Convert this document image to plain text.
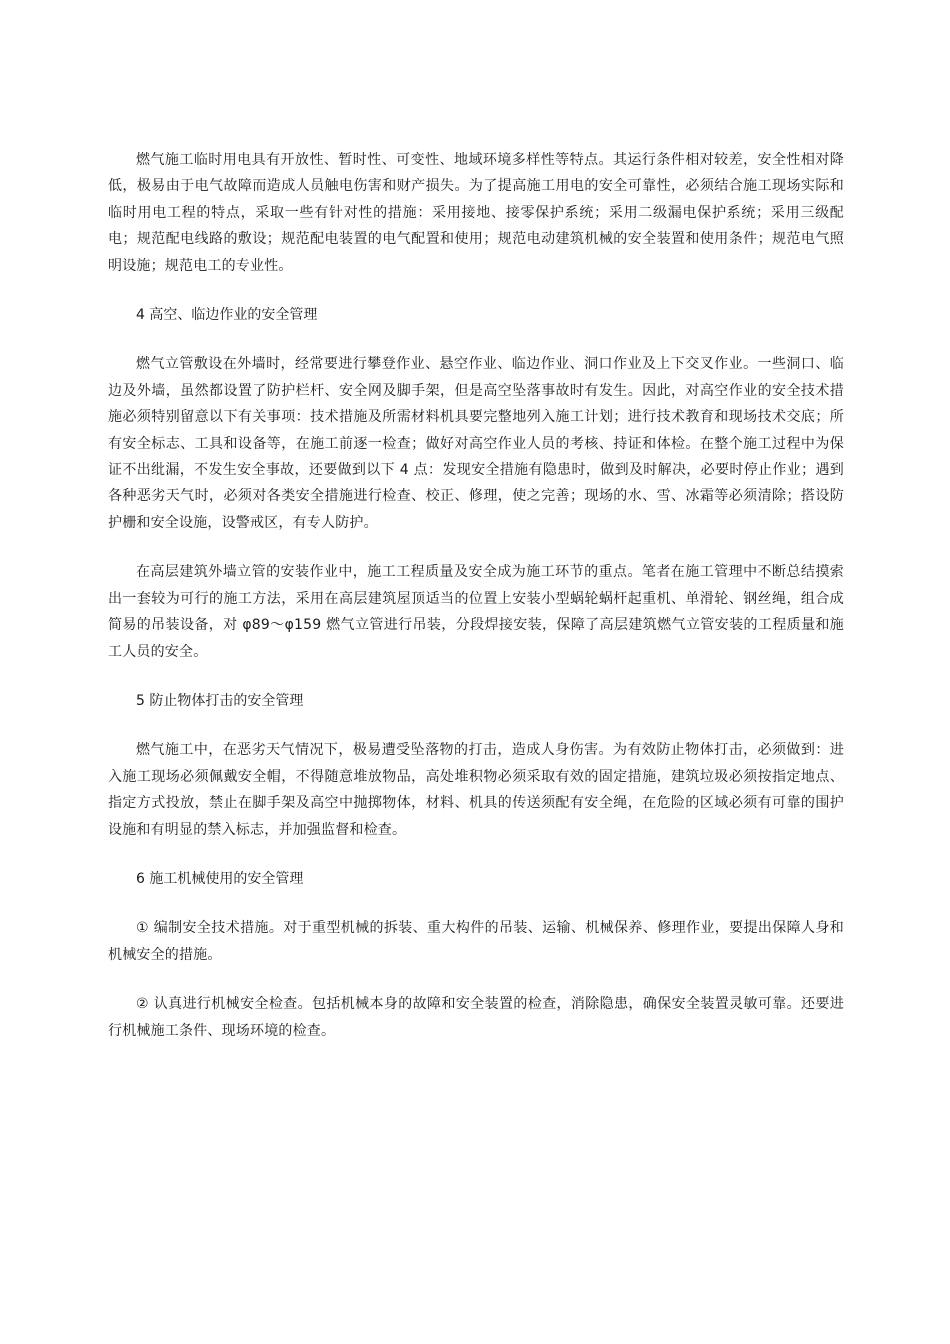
燃气施工临时用电具有开放性、暂时性、可变性、地域环境多样性等特点。其运行条件相对较差，安全性相对降低，极易由于电气故障而造成人员触电伤害和财产损失。为了提高施工用电的安全可靠性，必须结合施工现场实际和临时用电工程的特点，采取一些有针对性的措施：采用接地、接零保护系统；采用二级漏电保护系统；采用三级配电；规范配电线路的敷设；规范配电装置的电气配置和使用；规范电动建筑机械的安全装置和使用条件；规范电气照明设施；规范电工的专业性。

4 高空、临边作业的安全管理

燃气立管敷设在外墙时，经常要进行攀登作业、悬空作业、临边作业、洞口作业及上下交叉作业。一些洞口、临边及外墙，虽然都设置了防护栏杆、安全网及脚手架，但是高空坠落事故时有发生。因此，对高空作业的安全技术措施必须特别留意以下有关事项：技术措施及所需材料机具要完整地列入施工计划；进行技术教育和现场技术交底；所有安全标志、工具和设备等，在施工前逐一检查；做好对高空作业人员的考核、持证和体检。在整个施工过程中为保证不出纰漏，不发生安全事故，还要做到以下 4 点：发现安全措施有隐患时，做到及时解决，必要时停止作业；遇到各种恶劣天气时，必须对各类安全措施进行检查、校正、修理，使之完善；现场的水、雪、冰霜等必须清除；搭设防护栅和安全设施，设警戒区，有专人防护。

在高层建筑外墙立管的安装作业中，施工工程质量及安全成为施工环节的重点。笔者在施工管理中不断总结摸索出一套较为可行的施工方法，采用在高层建筑屋顶适当的位置上安装小型蜗轮蜗杆起重机、单滑轮、钢丝绳，组合成简易的吊装设备，对 φ89～φ159 燃气立管进行吊装，分段焊接安装，保障了高层建筑燃气立管安装的工程质量和施工人员的安全。

5 防止物体打击的安全管理

燃气施工中，在恶劣天气情况下，极易遭受坠落物的打击，造成人身伤害。为有效防止物体打击，必须做到：进入施工现场必须佩戴安全帽，不得随意堆放物品，高处堆积物必须采取有效的固定措施，建筑垃圾必须按指定地点、指定方式投放，禁止在脚手架及高空中抛掷物体，材料、机具的传送须配有安全绳，在危险的区域必须有可靠的围护设施和有明显的禁入标志，并加强监督和检查。

6 施工机械使用的安全管理

① 编制安全技术措施。对于重型机械的拆装、重大构件的吊装、运输、机械保养、修理作业，要提出保障人身和机械安全的措施。

② 认真进行机械安全检查。包括机械本身的故障和安全装置的检查，消除隐患，确保安全装置灵敏可靠。还要进行机械施工条件、现场环境的检查。
